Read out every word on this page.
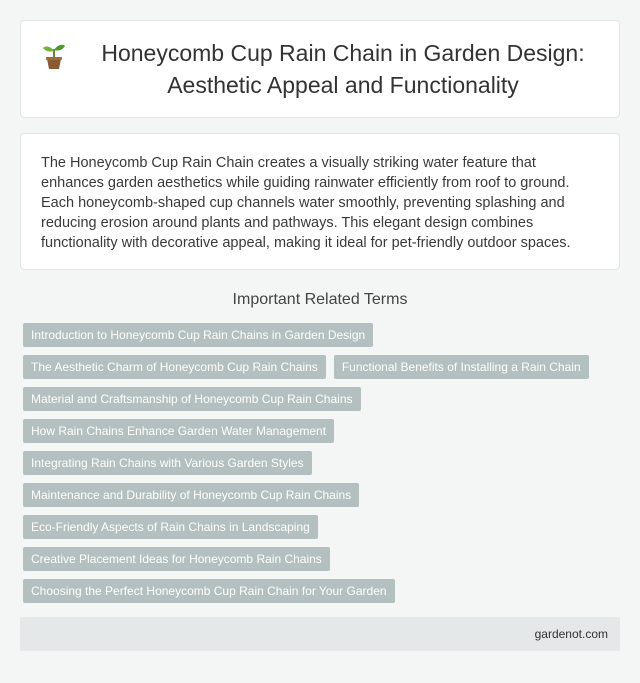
Honeycomb Cup Rain Chain in Garden Design: Aesthetic Appeal and Functionality

The Honeycomb Cup Rain Chain creates a visually striking water feature that enhances garden aesthetics while guiding rainwater efficiently from roof to ground. Each honeycomb-shaped cup channels water smoothly, preventing splashing and reducing erosion around plants and pathways. This elegant design combines functionality with decorative appeal, making it ideal for pet-friendly outdoor spaces.

Important Related Terms
Introduction to Honeycomb Cup Rain Chains in Garden Design
The Aesthetic Charm of Honeycomb Cup Rain Chains	Functional Benefits of Installing a Rain Chain
Material and Craftsmanship of Honeycomb Cup Rain Chains
How Rain Chains Enhance Garden Water Management
Integrating Rain Chains with Various Garden Styles
Maintenance and Durability of Honeycomb Cup Rain Chains
Eco-Friendly Aspects of Rain Chains in Landscaping
Creative Placement Ideas for Honeycomb Rain Chains
Choosing the Perfect Honeycomb Cup Rain Chain for Your Garden
gardenot.com
